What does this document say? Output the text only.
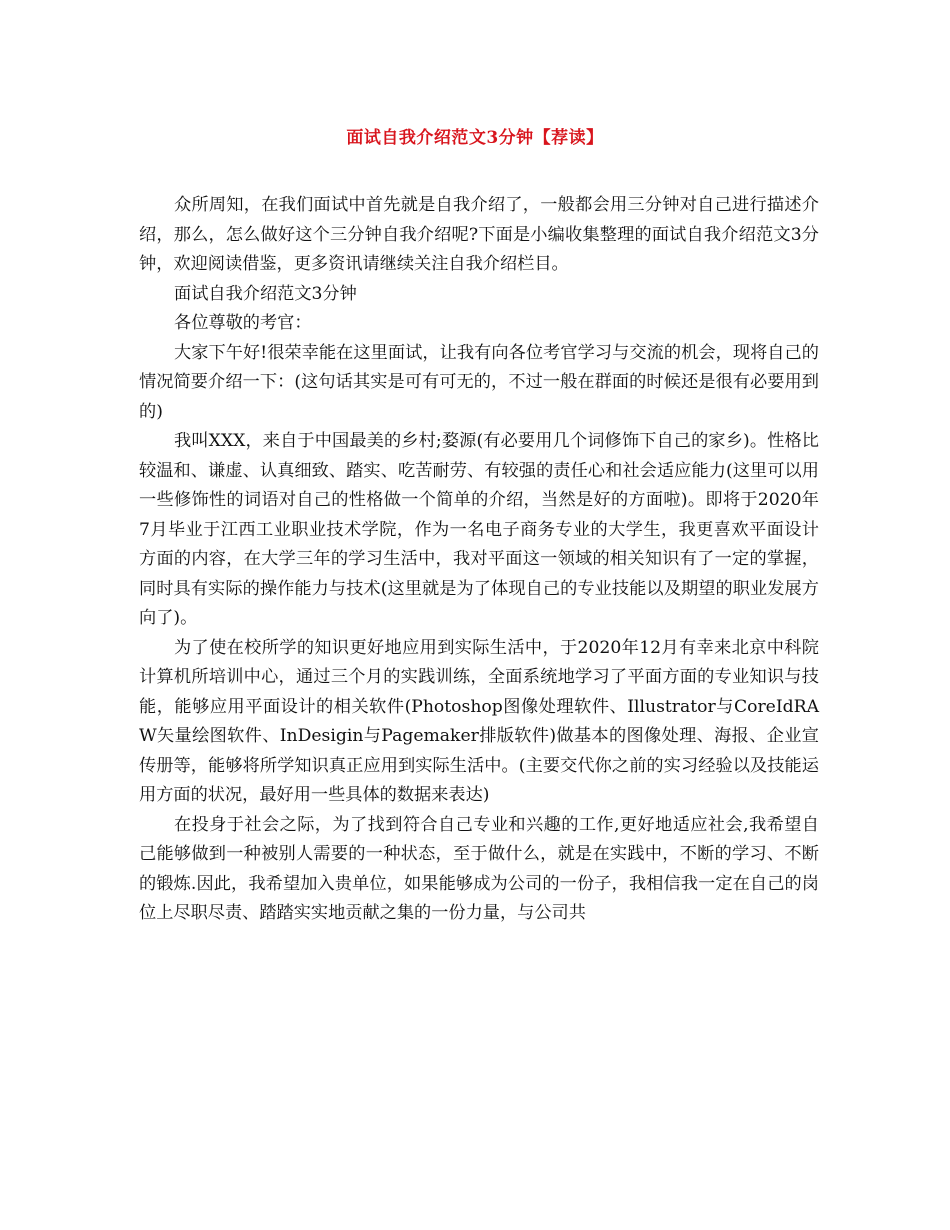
面试自我介绍范文3分钟【荐读】

众所周知，在我们面试中首先就是自我介绍了，一般都会用三分钟对自己进行描述介绍，那么，怎么做好这个三分钟自我介绍呢?下面是小编收集整理的面试自我介绍范文3分钟，欢迎阅读借鉴，更多资讯请继续关注自我介绍栏目。

面试自我介绍范文3分钟

各位尊敬的考官：

大家下午好!很荣幸能在这里面试，让我有向各位考官学习与交流的机会，现将自己的情况简要介绍一下：(这句话其实是可有可无的，不过一般在群面的时候还是很有必要用到的)

我叫XXX，来自于中国最美的乡村;婺源(有必要用几个词修饰下自己的家乡)。性格比较温和、谦虚、认真细致、踏实、吃苦耐劳、有较强的责任心和社会适应能力(这里可以用一些修饰性的词语对自己的性格做一个简单的介绍，当然是好的方面啦)。即将于2020年7月毕业于江西工业职业技术学院，作为一名电子商务专业的大学生，我更喜欢平面设计方面的内容，在大学三年的学习生活中，我对平面这一领域的相关知识有了一定的掌握，同时具有实际的操作能力与技术(这里就是为了体现自己的专业技能以及期望的职业发展方向了)。

为了使在校所学的知识更好地应用到实际生活中，于2020年12月有幸来北京中科院计算机所培训中心，通过三个月的实践训练，全面系统地学习了平面方面的专业知识与技能，能够应用平面设计的相关软件(Photoshop图像处理软件、Illustrator与CoreIdRAW矢量绘图软件、InDesigin与Pagemaker排版软件)做基本的图像处理、海报、企业宣传册等，能够将所学知识真正应用到实际生活中。(主要交代你之前的实习经验以及技能运用方面的状况，最好用一些具体的数据来表达)

在投身于社会之际，为了找到符合自己专业和兴趣的工作,更好地适应社会,我希望自己能够做到一种被别人需要的一种状态，至于做什么，就是在实践中，不断的学习、不断的锻炼.因此，我希望加入贵单位，如果能够成为公司的一份子，我相信我一定在自己的岗位上尽职尽责、踏踏实实地贡献之集的一份力量，与公司共
